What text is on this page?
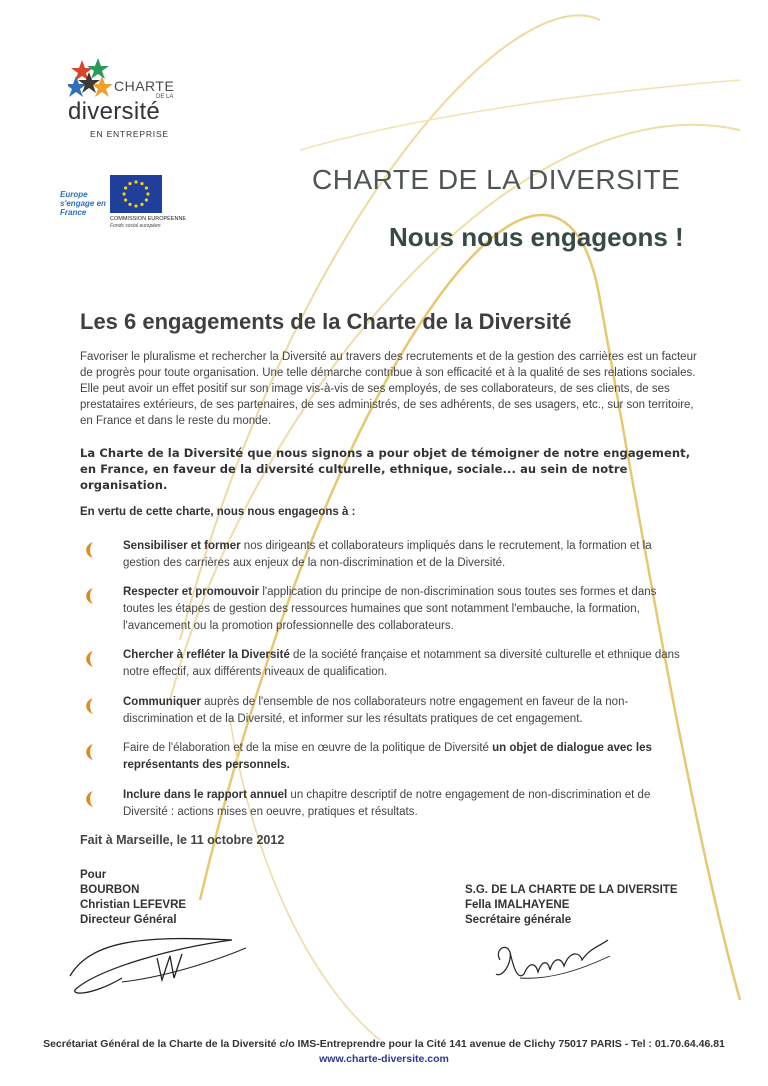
CHARTE
DE LA
diversité
EN ENTREPRISE
Europe s'engage en France
COMMISSION EUROPÉENNE
Fonds social européen
CHARTE DE LA DIVERSITE
Nous nous engageons !
Les 6 engagements de la Charte de la Diversité
Favoriser le pluralisme et rechercher la Diversité au travers des recrutements et de la gestion des carrières est un facteur de progrès pour toute organisation. Une telle démarche contribue à son efficacité et à la qualité de ses relations sociales. Elle peut avoir un effet positif sur son image vis-à-vis de ses employés, de ses collaborateurs, de ses clients, de ses prestataires extérieurs, de ses partenaires, de ses administrés, de ses adhérents, de ses usagers, etc., sur son territoire, en France et dans le reste du monde.
La Charte de la Diversité que nous signons a pour objet de témoigner de notre engagement, en France, en faveur de la diversité culturelle, ethnique, sociale... au sein de notre organisation.
En vertu de cette charte, nous nous engageons à :
Sensibiliser et former nos dirigeants et collaborateurs impliqués dans le recrutement, la formation et la gestion des carrières aux enjeux de la non-discrimination et de la Diversité.
Respecter et promouvoir l'application du principe de non-discrimination sous toutes ses formes et dans toutes les étapes de gestion des ressources humaines que sont notamment l'embauche, la formation, l'avancement ou la promotion professionnelle des collaborateurs.
Chercher à refléter la Diversité de la société française et notamment sa diversité culturelle et ethnique dans notre effectif, aux différents niveaux de qualification.
Communiquer auprès de l'ensemble de nos collaborateurs notre engagement en faveur de la non-discrimination et de la Diversité, et informer sur les résultats pratiques de cet engagement.
Faire de l'élaboration et de la mise en œuvre de la politique de Diversité un objet de dialogue avec les représentants des personnels.
Inclure dans le rapport annuel un chapitre descriptif de notre engagement de non-discrimination et de Diversité : actions mises en oeuvre, pratiques et résultats.
Fait à Marseille, le 11 octobre 2012
Pour
BOURBON
Christian LEFEVRE
Directeur Général
S.G. DE LA CHARTE DE LA DIVERSITE
Fella IMALHAYENE
Secrétaire générale
Secrétariat Général de la Charte de la Diversité c/o IMS-Entreprendre pour la Cité 141 avenue de Clichy 75017 PARIS - Tel : 01.70.64.46.81
www.charte-diversite.com
